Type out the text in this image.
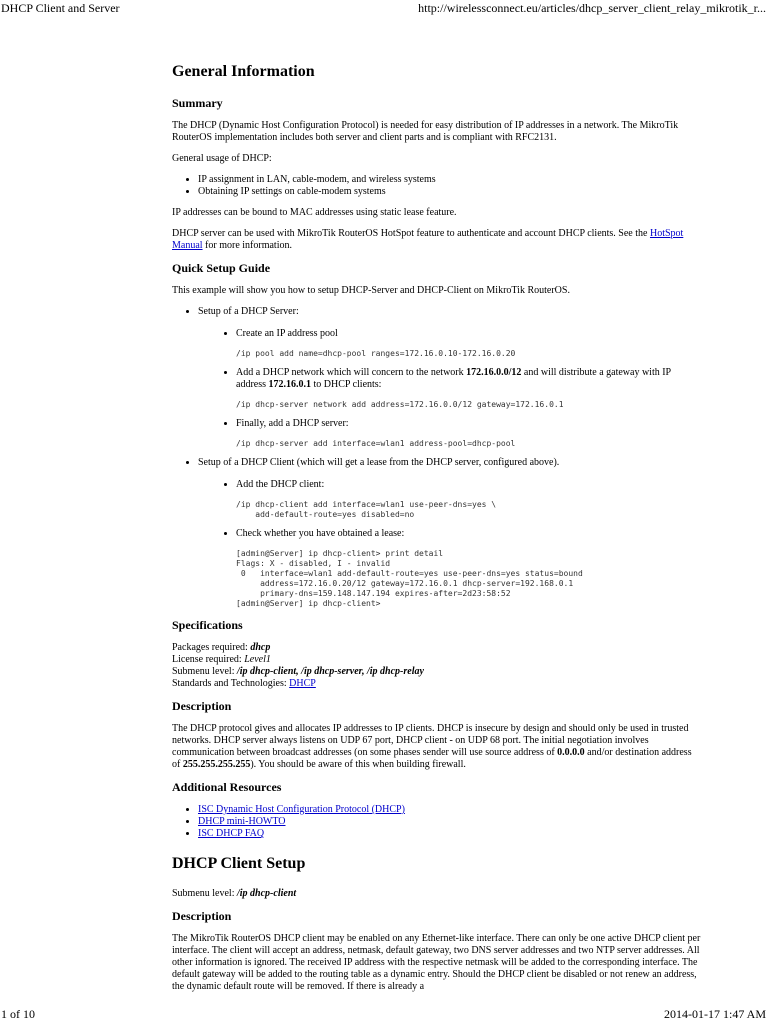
DHCP Client and Server	http://wirelessconnect.eu/articles/dhcp_server_client_relay_mikrotik_r...
General Information
Summary

The DHCP (Dynamic Host Configuration Protocol) is needed for easy distribution of IP addresses in a network. The MikroTik RouterOS implementation includes both server and client parts and is compliant with RFC2131.

General usage of DHCP:

• IP assignment in LAN, cable-modem, and wireless systems
• Obtaining IP settings on cable-modem systems

IP addresses can be bound to MAC addresses using static lease feature.

DHCP server can be used with MikroTik RouterOS HotSpot feature to authenticate and account DHCP clients. See the HotSpot Manual for more information.

Quick Setup Guide

This example will show you how to setup DHCP-Server and DHCP-Client on MikroTik RouterOS.

• Setup of a DHCP Server:
• Create an IP address pool
/ip pool add name=dhcp-pool ranges=172.16.0.10-172.16.0.20
• Add a DHCP network which will concern to the network 172.16.0.0/12 and will distribute a gateway with IP address 172.16.0.1 to DHCP clients:
/ip dhcp-server network add address=172.16.0.0/12 gateway=172.16.0.1
• Finally, add a DHCP server:
/ip dhcp-server add interface=wlan1 address-pool=dhcp-pool
• Setup of a DHCP Client (which will get a lease from the DHCP server, configured above).
• Add the DHCP client:
/ip dhcp-client add interface=wlan1 use-peer-dns=yes \
add-default-route=yes disabled=no
• Check whether you have obtained a lease:
[admin@Server] ip dhcp-client> print detail
Flags: X - disabled, I - invalid
0   interface=wlan1 add-default-route=yes use-peer-dns=yes status=bound
address=172.16.0.20/12 gateway=172.16.0.1 dhcp-server=192.168.0.1
primary-dns=159.148.147.194 expires-after=2d23:58:52
[admin@Server] ip dhcp-client>
Specifications

Packages required: dhcp

License required: Level1

Submenu level: /ip dhcp-client, /ip dhcp-server, /ip dhcp-relay

Standards and Technologies: DHCP

Description

The DHCP protocol gives and allocates IP addresses to IP clients. DHCP is insecure by design and should only be used in trusted networks. DHCP server always listens on UDP 67 port, DHCP client - on UDP 68 port. The initial negotiation involves communication between broadcast addresses (on some phases sender will use source address of 0.0.0.0 and/or destination address of 255.255.255.255). You should be aware of this when building firewall.

Additional Resources
• ISC Dynamic Host Configuration Protocol (DHCP)
• DHCP mini-HOWTO
• ISC DHCP FAQ
DHCP Client Setup

Submenu level: /ip dhcp-client

Description

The MikroTik RouterOS DHCP client may be enabled on any Ethernet-like interface. There can only be one active DHCP client per interface. The client will accept an address, netmask, default gateway, two DNS server addresses and two NTP server addresses. All other information is ignored. The received IP address with the respective netmask will be added to the corresponding interface. The default gateway will be added to the routing table as a dynamic entry. Should the DHCP client be disabled or not renew an address, the dynamic default route will be removed. If there is already a

1 of 10	2014-01-17 1:47 AM
